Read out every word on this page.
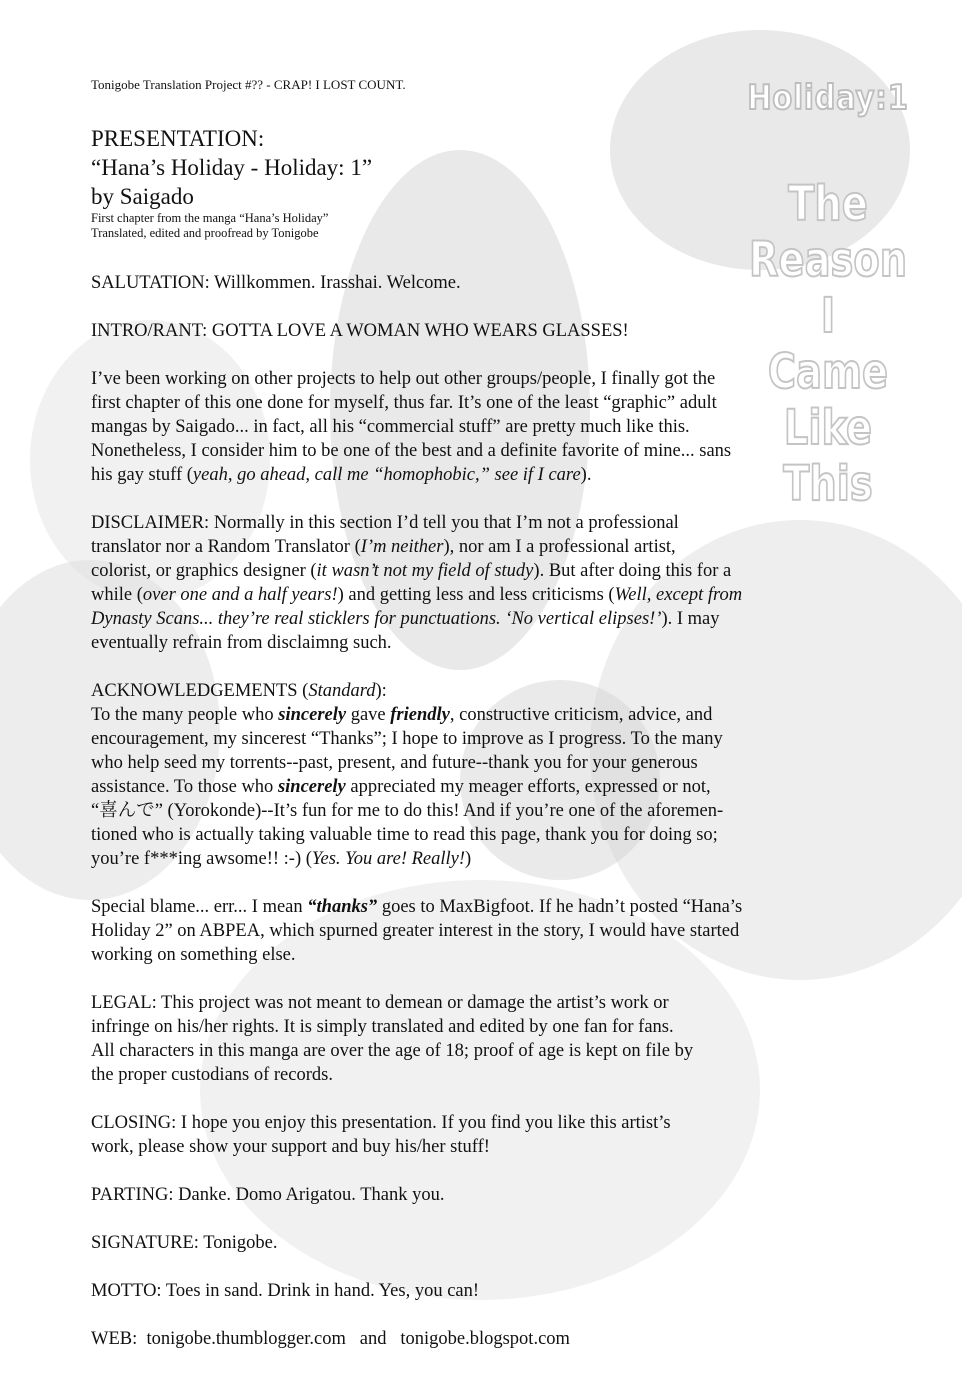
Holiday:1
The
Reason
I
Came
Like
This
Tonigobe Translation Project #?? - CRAP! I LOST COUNT.
PRESENTATION:
“Hana’s Holiday - Holiday: 1”
by Saigado
First chapter from the manga “Hana’s Holiday”
Translated, edited and proofread by Tonigobe

SALUTATION: Willkommen. Irasshai. Welcome.

INTRO/RANT: GOTTA LOVE A WOMAN WHO WEARS GLASSES!

I’ve been working on other projects to help out other groups/people, I finally got the

first chapter of this one done for myself, thus far. It’s one of the least “graphic” adult

mangas by Saigado... in fact, all his “commercial stuff” are pretty much like this.

Nonetheless, I consider him to be one of the best and a definite favorite of mine... sans

his gay stuff (yeah, go ahead, call me “homophobic,” see if I care).

DISCLAIMER: Normally in this section I’d tell you that I’m not a professional

translator nor a Random Translator (I’m neither), nor am I a professional artist,

colorist, or graphics designer (it wasn’t not my field of study). But after doing this for a

while (over one and a half years!) and getting less and less criticisms (Well, except from

Dynasty Scans... they’re real sticklers for punctuations. ‘No vertical elipses!’). I may

eventually refrain from disclaimng such.

ACKNOWLEDGEMENTS (Standard):

To the many people who sincerely gave friendly, constructive criticism, advice, and

encouragement, my sincerest “Thanks”; I hope to improve as I progress. To the many

who help seed my torrents--past, present, and future--thank you for your generous

assistance. To those who sincerely appreciated my meager efforts, expressed or not,

“喜んで” (Yorokonde)--It’s fun for me to do this! And if you’re one of the aforemen-

tioned who is actually taking valuable time to read this page, thank you for doing so;

you’re f***ing awsome!! :-) (Yes. You are! Really!)

Special blame... err... I mean “thanks” goes to MaxBigfoot. If he hadn’t posted “Hana’s

Holiday 2” on ABPEA, which spurned greater interest in the story, I would have started

working on something else.

LEGAL: This project was not meant to demean or damage the artist’s work or

infringe on his/her rights. It is simply translated and edited by one fan for fans.

All characters in this manga are over the age of 18; proof of age is kept on file by

the proper custodians of records.

CLOSING: I hope you enjoy this presentation. If you find you like this artist’s

work, please show your support and buy his/her stuff!

PARTING: Danke. Domo Arigatou. Thank you.

SIGNATURE: Tonigobe.

MOTTO: Toes in sand. Drink in hand. Yes, you can!

WEB:  tonigobe.thumblogger.com   and   tonigobe.blogspot.com
